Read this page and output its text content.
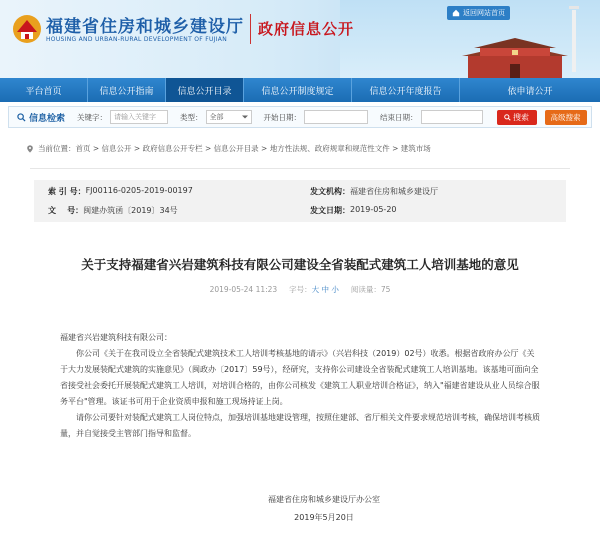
福建省住房和城乡建设厅
HOUSING AND URBAN-RURAL DEVELOPMENT OF FUJIAN
政府信息公开
返回网站首页
平台首页	信息公开指南	信息公开目录	信息公开制度规定	信息公开年度报告	依申请公开
信息检索 关键字：	请输入关键字	类型： 全部	开始日期：	结束日期：	搜索	高级搜索
当前位置：首页 > 信息公开 > 政府信息公开专栏 > 信息公开目录 > 地方性法规、政府规章和规范性文件 > 建筑市场
索 引 号： FJ00116-0205-2019-00197	发文机构： 福建省住房和城乡建设厅
文    号： 闽建办筑函〔2019〕34号	发文日期： 2019-05-20
关于支持福建省兴岩建筑科技有限公司建设全省装配式建筑工人培训基地的意见
2019-05-24 11:23 字号：大 中 小 阅读量：75

福建省兴岩建筑科技有限公司：

你公司《关于在我司设立全省装配式建筑技术工人培训考核基地的请示》（兴岩科技（2019）02号）收悉。根据省政府办公厅《关于大力发展装配式建筑的实施意见》（闽政办〔2017〕59号），经研究，支持你公司建设全省装配式建筑工人培训基地。该基地可面向全省接受社会委托开展装配式建筑工人培训，对培训合格的，由你公司核发《建筑工人职业培训合格证》，纳入"福建省建设从业人员综合服务平台"管理。该证书可用于企业资质申报和施工现场持证上岗。

请你公司要针对装配式建筑工人岗位特点，加强培训基地建设管理，按照住建部、省厅相关文件要求规范培训考核，确保培训考核质量，并自觉接受主管部门指导和监督。

福建省住房和城乡建设厅办公室
2019年5月20日
